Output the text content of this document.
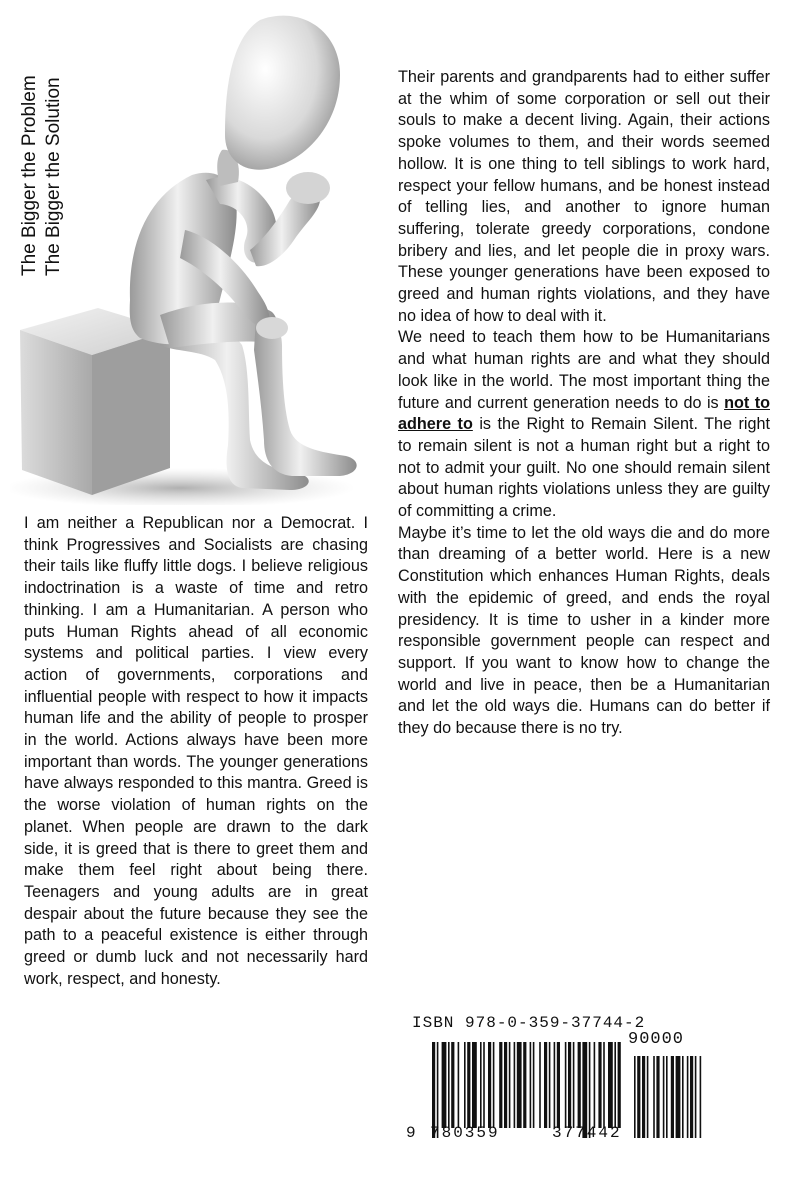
The Bigger the Problem The Bigger the Solution

I am neither a Republican nor a Democrat. I think Progressives and Socialists are chasing their tails like fluffy little dogs. I believe religious indoctrination is a waste of time and retro thinking. I am a Humanitarian. A person who puts Human Rights ahead of all economic systems and political parties. I view every action of governments, corporations and influential people with respect to how it impacts human life and the ability of people to prosper in the world. Actions always have been more important than words. The younger generations have always responded to this mantra. Greed is the worse violation of human rights on the planet. When people are drawn to the dark side, it is greed that is there to greet them and make them feel right about being there. Teenagers and young adults are in great despair about the future because they see the path to a peaceful existence is either through greed or dumb luck and not necessarily hard work, respect, and honesty.

Their parents and grandparents had to either suffer at the whim of some corporation or sell out their souls to make a decent living. Again, their actions spoke volumes to them, and their words seemed hollow. It is one thing to tell siblings to work hard, respect your fellow humans, and be honest instead of telling lies, and another to ignore human suffering, tolerate greedy corporations, condone bribery and lies, and let people die in proxy wars. These younger generations have been exposed to greed and human rights violations, and they have no idea of how to deal with it.

We need to teach them how to be Humanitarians and what human rights are and what they should look like in the world. The most important thing the future and current generation needs to do is not to adhere to is the Right to Remain Silent. The right to remain silent is not a human right but a right to not to admit your guilt. No one should remain silent about human rights violations unless they are guilty of committing a crime.

Maybe it’s time to let the old ways die and do more than dreaming of a better world. Here is a new Constitution which enhances Human Rights, deals with the epidemic of greed, and ends the royal presidency. It is time to usher in a kinder more responsible government people can respect and support. If you want to know how to change the world and live in peace, then be a Humanitarian and let the old ways die. Humans can do better if they do because there is no try.

ISBN 978-0-359-37744-2
90000
9 780359	377442
